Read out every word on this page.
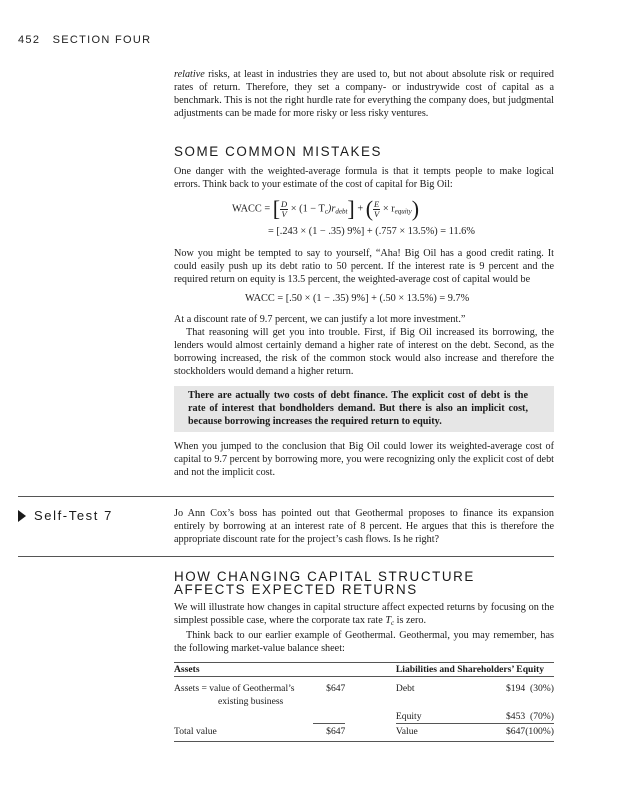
452 SECTION FOUR

relative risks, at least in industries they are used to, but not about absolute risk or required rates of return. Therefore, they set a company- or industrywide cost of capital as a benchmark. This is not the right hurdle rate for everything the company does, but judgmental adjustments can be made for more risky or less risky ventures.

SOME COMMON MISTAKES

One danger with the weighted-average formula is that it tempts people to make logical errors. Think back to your estimate of the cost of capital for Big Oil:

WACC = [ $\frac{D}{V} \times (1 - T_c)r_{debt}$] + ( $\frac{E}{V} \times r_{equity}$)
= [.243 × (1 − .35) 9%] + (.757 × 13.5%) = 11.6%

Now you might be tempted to say to yourself, “Aha! Big Oil has a good credit rating. It could easily push up its debt ratio to 50 percent. If the interest rate is 9 percent and the required return on equity is 13.5 percent, the weighted-average cost of capital would be

WACC = [.50 × (1 − .35) 9%] + (.50 × 13.5%) = 9.7%

At a discount rate of 9.7 percent, we can justify a lot more investment.”

That reasoning will get you into trouble. First, if Big Oil increased its borrowing, the lenders would almost certainly demand a higher rate of interest on the debt. Second, as the borrowing increased, the risk of the common stock would also increase and therefore the stockholders would demand a higher return.

There are actually two costs of debt finance. The explicit cost of debt is the rate of interest that bondholders demand. But there is also an implicit cost, because borrowing increases the required return to equity.

When you jumped to the conclusion that Big Oil could lower its weighted-average cost of capital to 9.7 percent by borrowing more, you were recognizing only the explicit cost of debt and not the implicit cost.

Self-Test 7	Jo Ann Cox’s boss has pointed out that Geothermal proposes to finance its expansion entirely by borrowing at an interest rate of 8 percent. He argues that this is therefore the appropriate discount rate for the project’s cash flows. Is he right?

HOW CHANGING CAPITAL STRUCTURE
AFFECTS EXPECTED RETURNS

We will illustrate how changes in capital structure affect expected returns by focusing on the simplest possible case, where the corporate tax rate $T_c$ is zero.

Think back to our earlier example of Geothermal. Geothermal, you may remember, has the following market-value balance sheet:

Assets			Liabilities and Shareholders’ Equity		

Assets = value of Geothermal’s	$647		Debt	$194	(30%)
existing business					
			Equity	$453	(70%)
Total value	$647		Value	$647	(100%)
